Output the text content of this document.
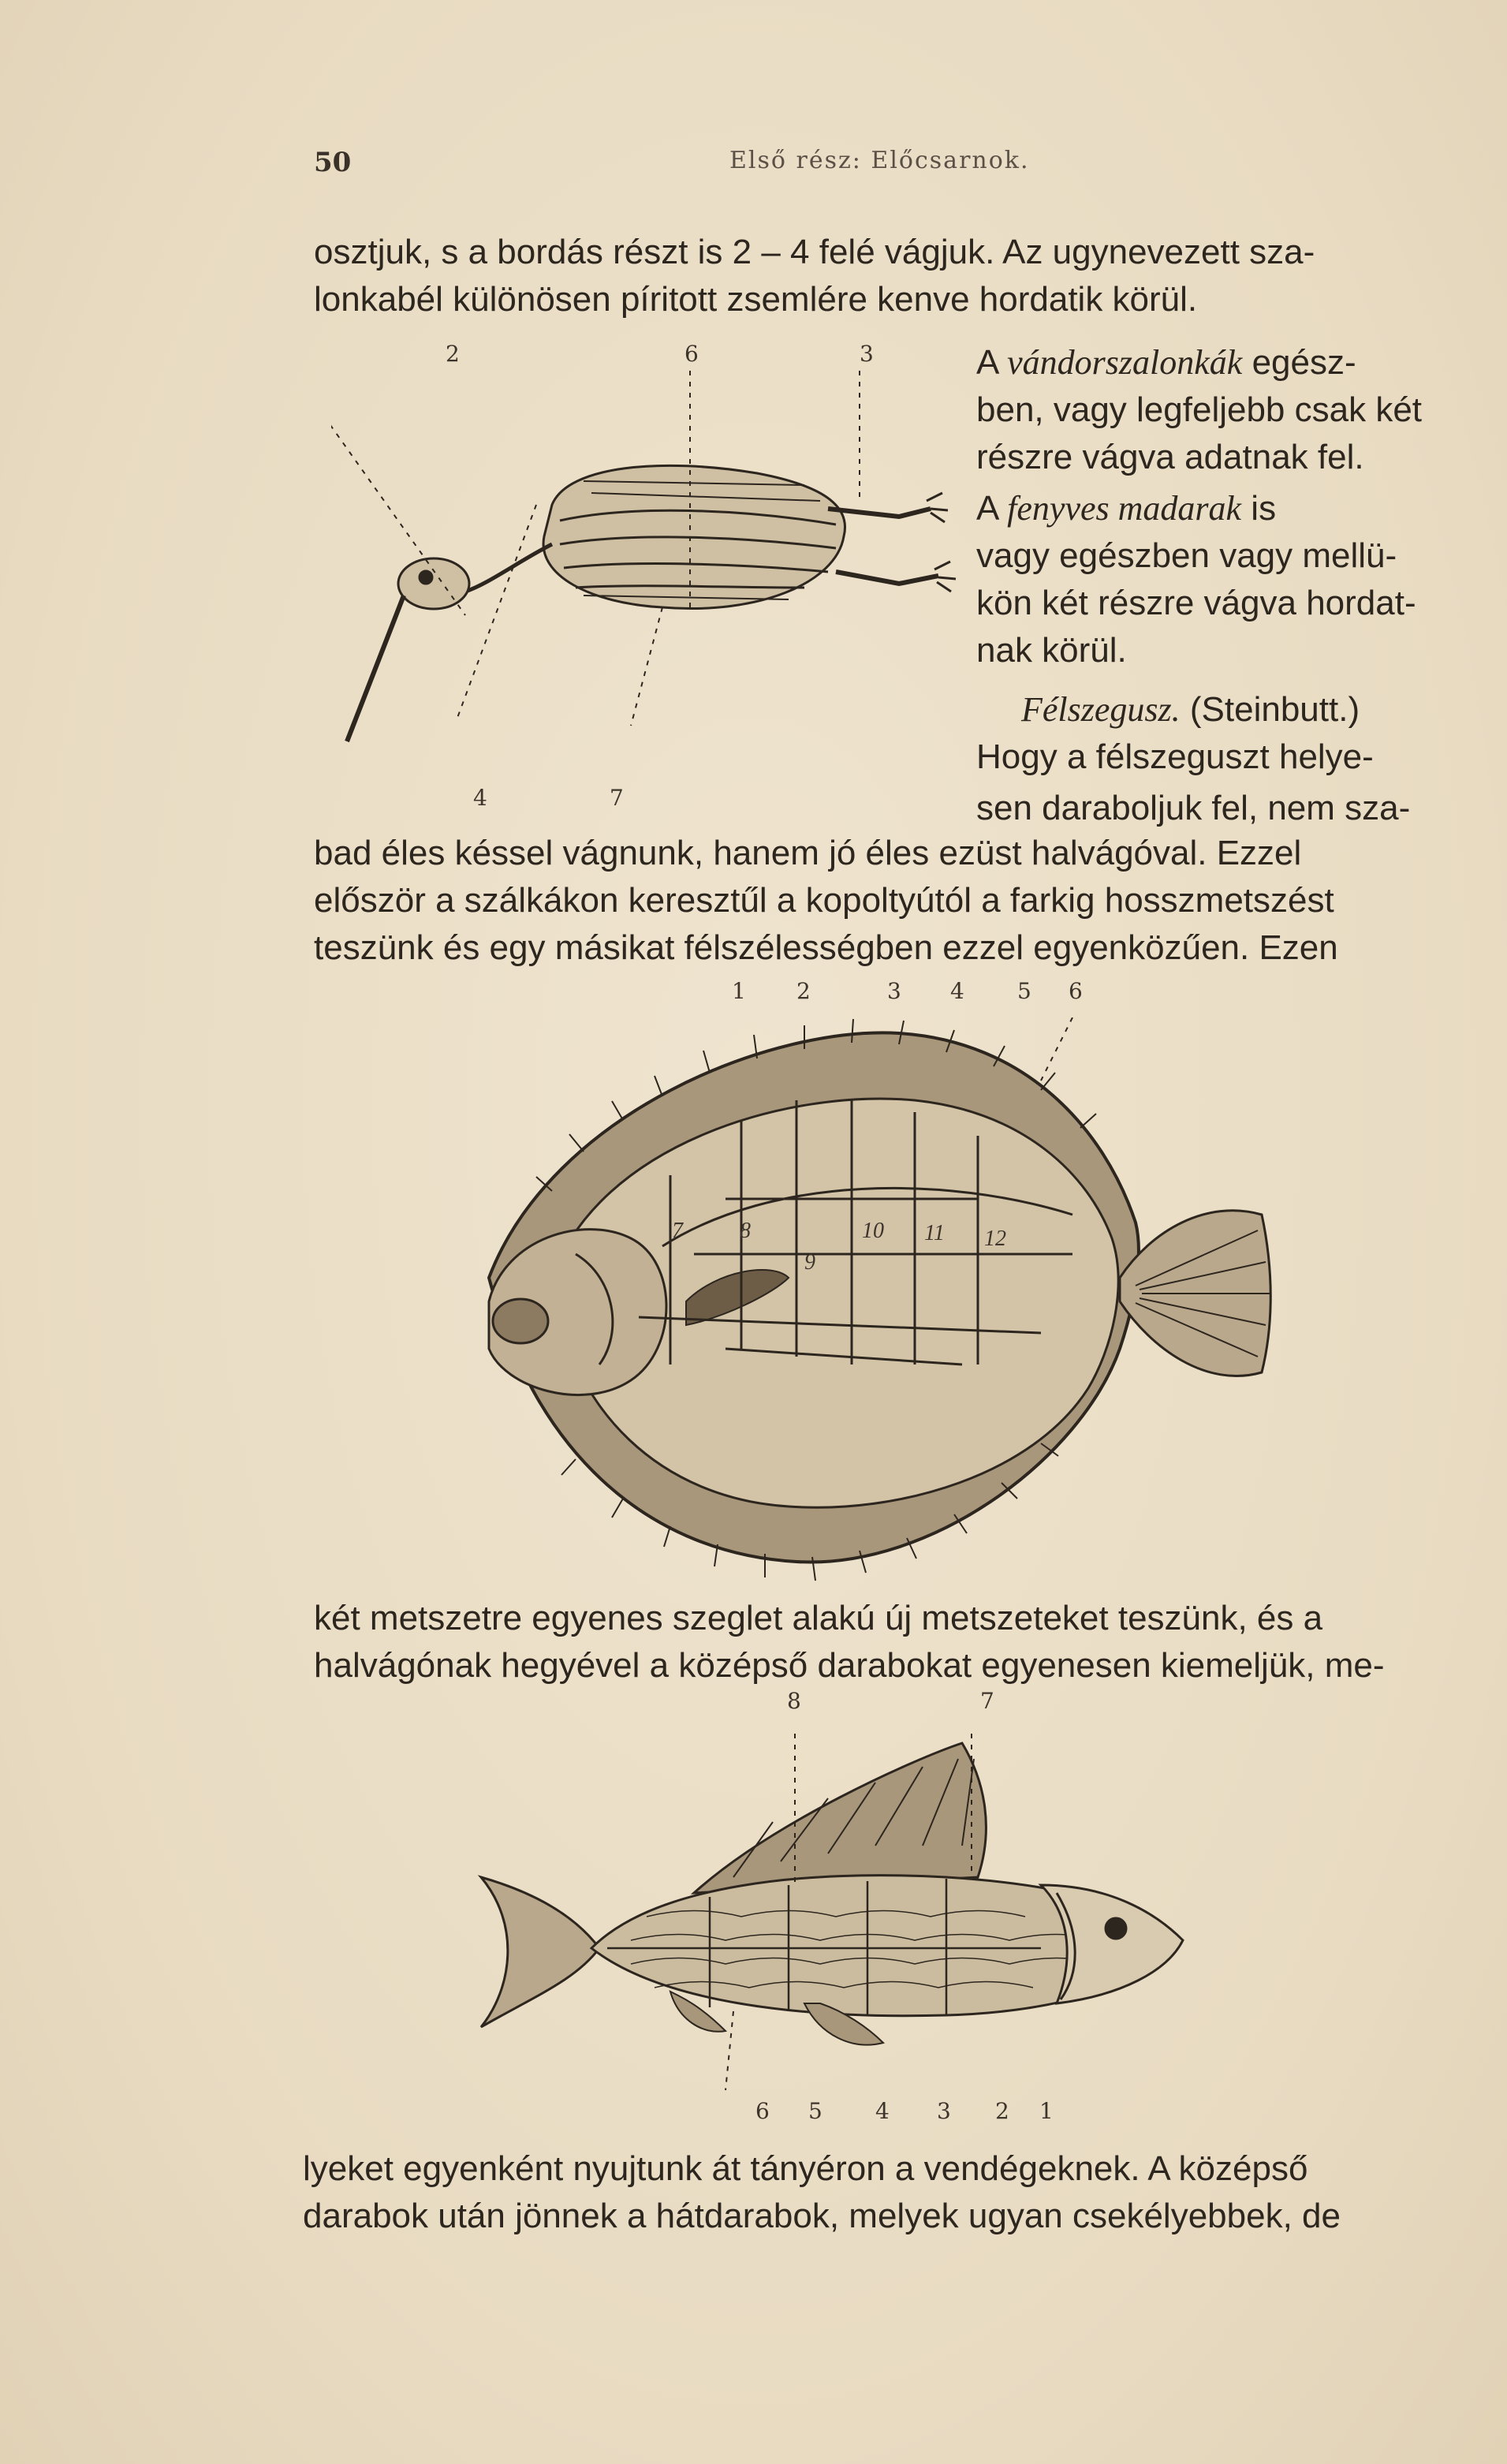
50	Első rész: Előcsarnok.
osztjuk, s a bordás részt is 2 – 4 felé vágjuk. Az ugynevezett sza-
lonkabél különösen píritott zsemlére kenve hordatik körül.
2	6	3
4	7
A vándorszalonkák egész-
ben, vagy legfeljebb csak két
részre vágva adatnak fel.
A fenyves madarak is
vagy egészben vagy mellü-
kön két részre vágva hordat-
nak körül.
Félszegusz. (Steinbutt.)
Hogy a félszeguszt helye-
sen daraboljuk fel, nem sza-
bad éles késsel vágnunk, hanem jó éles ezüst halvágóval. Ezzel
először a szálkákon keresztűl a kopoltyútól a farkig hosszmetszést
teszünk és egy másikat félszélességben ezzel egyenközűen. Ezen
1 2	3 4 5 6
7	8
9
10 11 12
két metszetre egyenes szeglet alakú új metszeteket teszünk, és a
halvágónak hegyével a középső darabokat egyenesen kiemeljük, me-
8	7
6 5 4 3 2 1
lyeket egyenként nyujtunk át tányéron a vendégeknek. A középső
darabok után jönnek a hátdarabok, melyek ugyan csekélyebbek, de
